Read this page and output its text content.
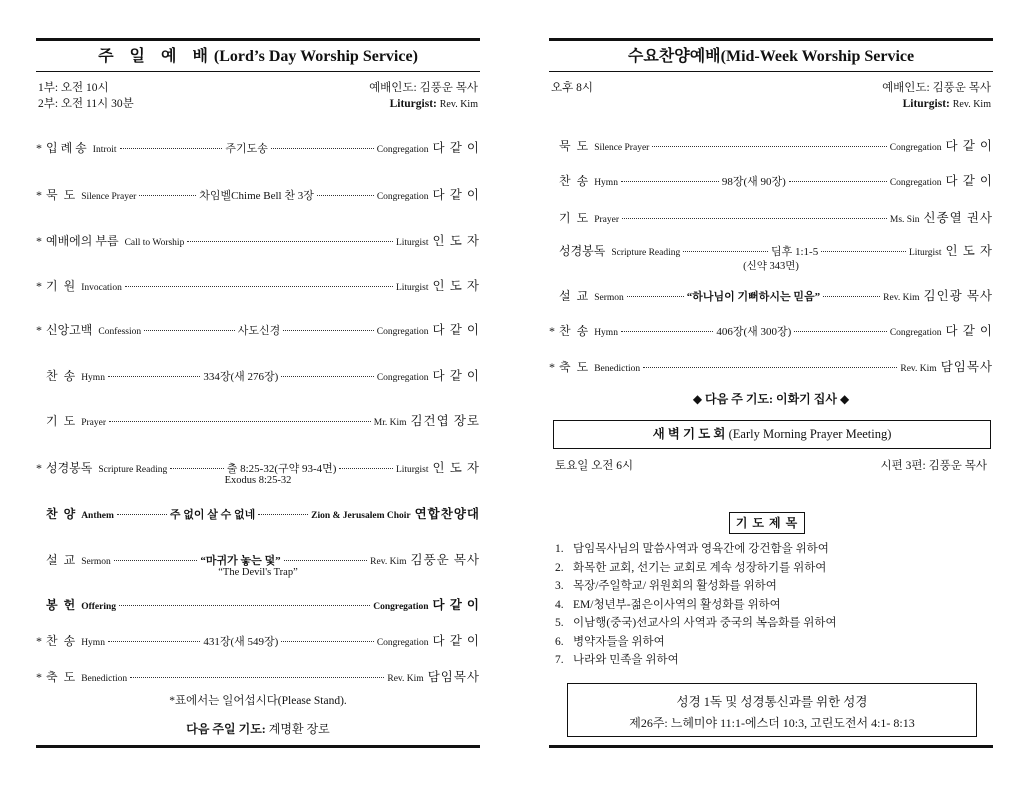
주 일 예 배(Lord’s Day Worship Service)
1부: 오전 10시	예배인도: 김풍운 목사
2부: 오전 11시 30분	Liturgist: Rev. Kim
* 입 례 송 Introit	주기도송	Congregation 다 같 이
* 묵  도 Silence Prayer	차임벨Chime Bell 찬 3장	Congregation 다 같 이
* 예배에의 부름 Call to Worship	Liturgist 인 도 자
* 기  원 Invocation	Liturgist 인 도 자
* 신앙고백 Confession	사도신경	Congregation 다 같 이
찬  송 Hymn	334장(새 276장)	Congregation 다 같 이
기  도 Prayer	Mr. Kim 김건엽 장로
* 성경봉독 Scripture Reading	출 8:25-32(구약 93-4면)	Liturgist 인 도 자
Exodus 8:25-32
찬  양 Anthem	주 없이 살 수 없네	Zion & Jerusalem Choir 연합찬양대
설  교 Sermon	“마귀가 놓는 덫”	Rev. Kim 김풍운 목사
“The Devil's Trap”
봉  헌 Offering	Congregation 다 같 이
* 찬  송 Hymn	431장(새 549장)	Congregation 다 같 이
* 축  도 Benediction	Rev. Kim 담임목사
*표에서는 일어섭시다(Please Stand).
다음 주일 기도: 계명환 장로
수요찬양예배(Mid-Week Worship Service
오후 8시	예배인도: 김풍운 목사
Liturgist: Rev. Kim
묵  도 Silence Prayer	Congregation 다 같 이
찬  송 Hymn	98장(새 90장)	Congregation 다 같 이
기  도 Prayer	Ms. Sin 신종열 권사
성경봉독 Scripture Reading	딤후 1:1-5	Liturgist 인 도 자
(신약 343면)
설  교 Sermon	“하나님이 기뻐하시는 믿음”	Rev. Kim 김인광 목사
* 찬  송 Hymn	406장(새 300장)	Congregation 다 같 이
* 축  도 Benediction	Rev. Kim 담임목사
◆ 다음 주 기도: 이화기 집사 ◆
새 벽 기 도 회 (Early Morning Prayer Meeting)
토요일 오전 6시	시편 3편: 김풍운 목사
기 도 제 목
1. 담임목사님의 말씀사역과 영육간에 강건함을 위하여
2. 화목한 교회, 선기는 교회로 계속 성장하기를 위하여
3. 목장/주일학교/ 위원회의 활성화를 위하여
4. EM/청년부-젊은이사역의 활성화를 위하여
5. 이남행(중국)선교사의 사역과 중국의 복음화를 위하여
6. 병약자들을 위하여
7. 나라와 민족을 위하여
성경 1독 및 성경통신과를 위한 성경
제26주: 느헤미야 11:1-에스더 10:3, 고린도전서 4:1- 8:13
